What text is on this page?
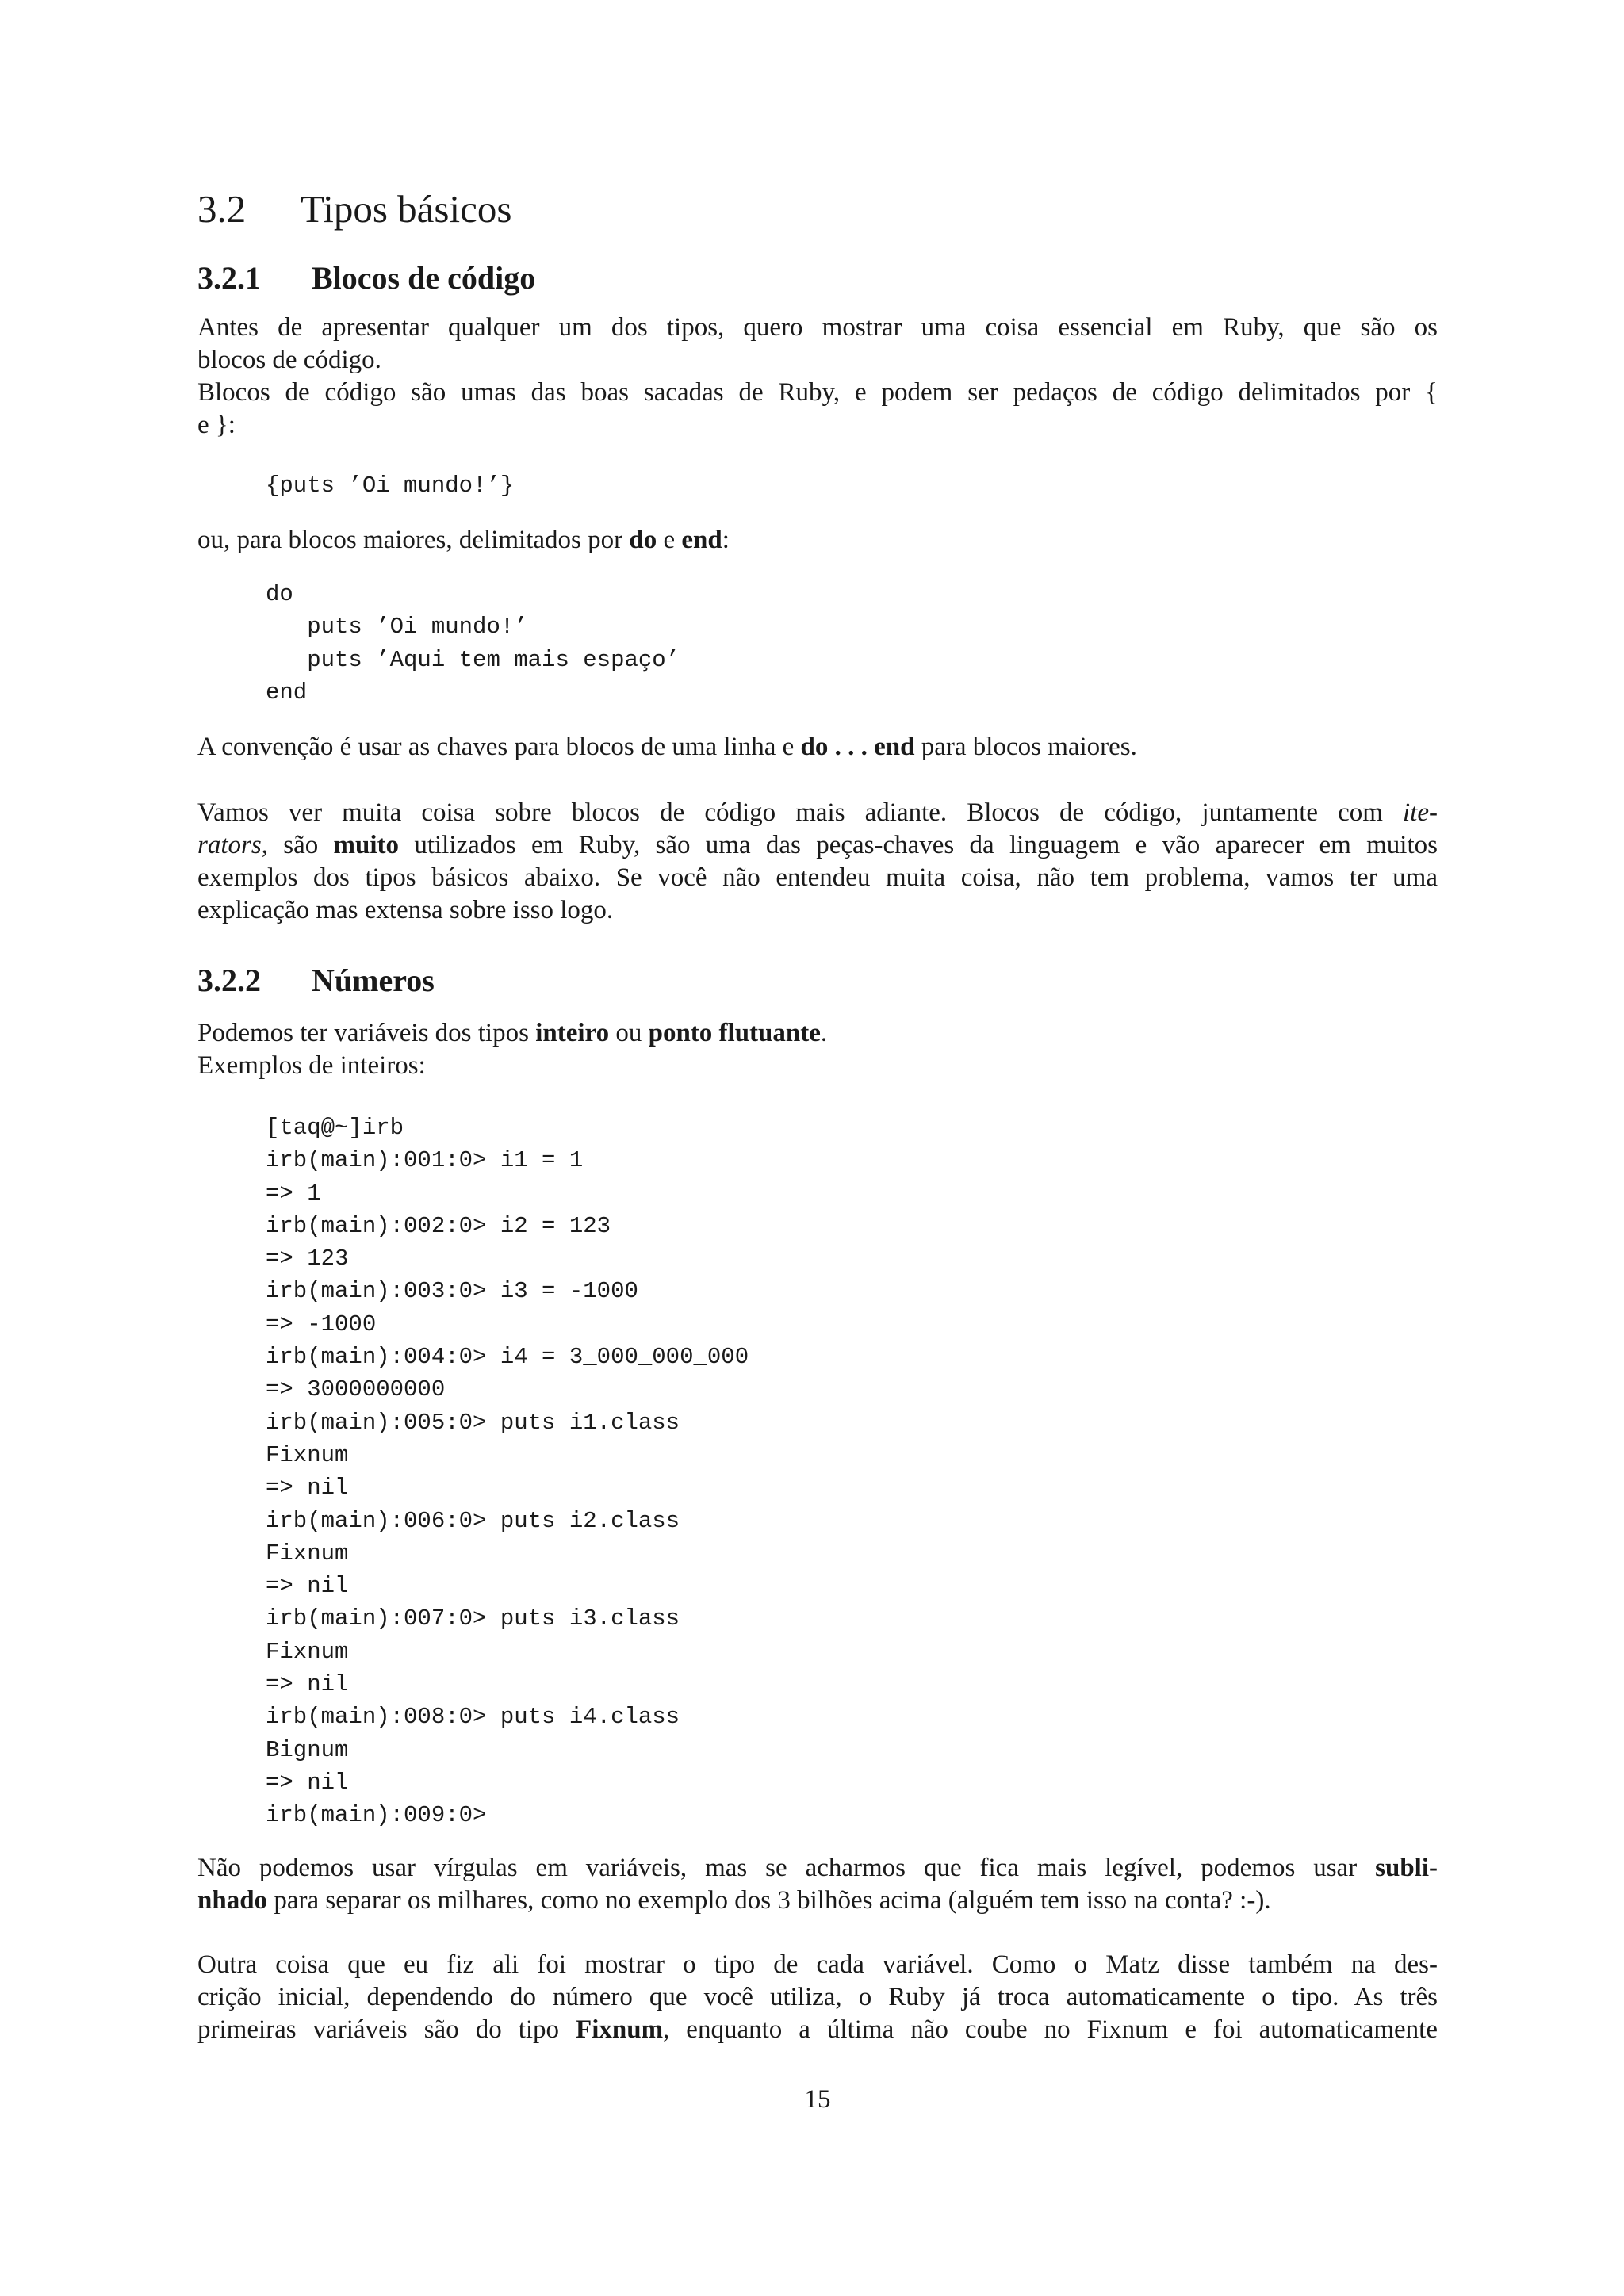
3.2 Tipos básicos
3.2.1 Blocos de código

Antes de apresentar qualquer um dos tipos, quero mostrar uma coisa essencial em Ruby, que são os
blocos de código.
Blocos de código são umas das boas sacadas de Ruby, e podem ser pedaços de código delimitados por {
e }:

{puts ’Oi mundo!’}

ou, para blocos maiores, delimitados por do e end:

do
puts ’Oi mundo!’
puts ’Aqui tem mais espaço’
end

A convenção é usar as chaves para blocos de uma linha e do . . . end para blocos maiores.

Vamos ver muita coisa sobre blocos de código mais adiante. Blocos de código, juntamente com ite-
rators, são muito utilizados em Ruby, são uma das peças-chaves da linguagem e vão aparecer em muitos
exemplos dos tipos básicos abaixo. Se você não entendeu muita coisa, não tem problema, vamos ter uma
explicação mas extensa sobre isso logo.

3.2.2 Números

Podemos ter variáveis dos tipos inteiro ou ponto flutuante.
Exemplos de inteiros:

[taq@~]irb
irb(main):001:0> i1 = 1
=> 1
irb(main):002:0> i2 = 123
=> 123
irb(main):003:0> i3 = -1000
=> -1000
irb(main):004:0> i4 = 3_000_000_000
=> 3000000000
irb(main):005:0> puts i1.class
Fixnum
=> nil
irb(main):006:0> puts i2.class
Fixnum
=> nil
irb(main):007:0> puts i3.class
Fixnum
=> nil
irb(main):008:0> puts i4.class
Bignum
=> nil
irb(main):009:0>

Não podemos usar vírgulas em variáveis, mas se acharmos que fica mais legível, podemos usar subli-
nhado para separar os milhares, como no exemplo dos 3 bilhões acima (alguém tem isso na conta? :-).

Outra coisa que eu fiz ali foi mostrar o tipo de cada variável. Como o Matz disse também na des-
crição inicial, dependendo do número que você utiliza, o Ruby já troca automaticamente o tipo. As três
primeiras variáveis são do tipo Fixnum, enquanto a última não coube no Fixnum e foi automaticamente

15
